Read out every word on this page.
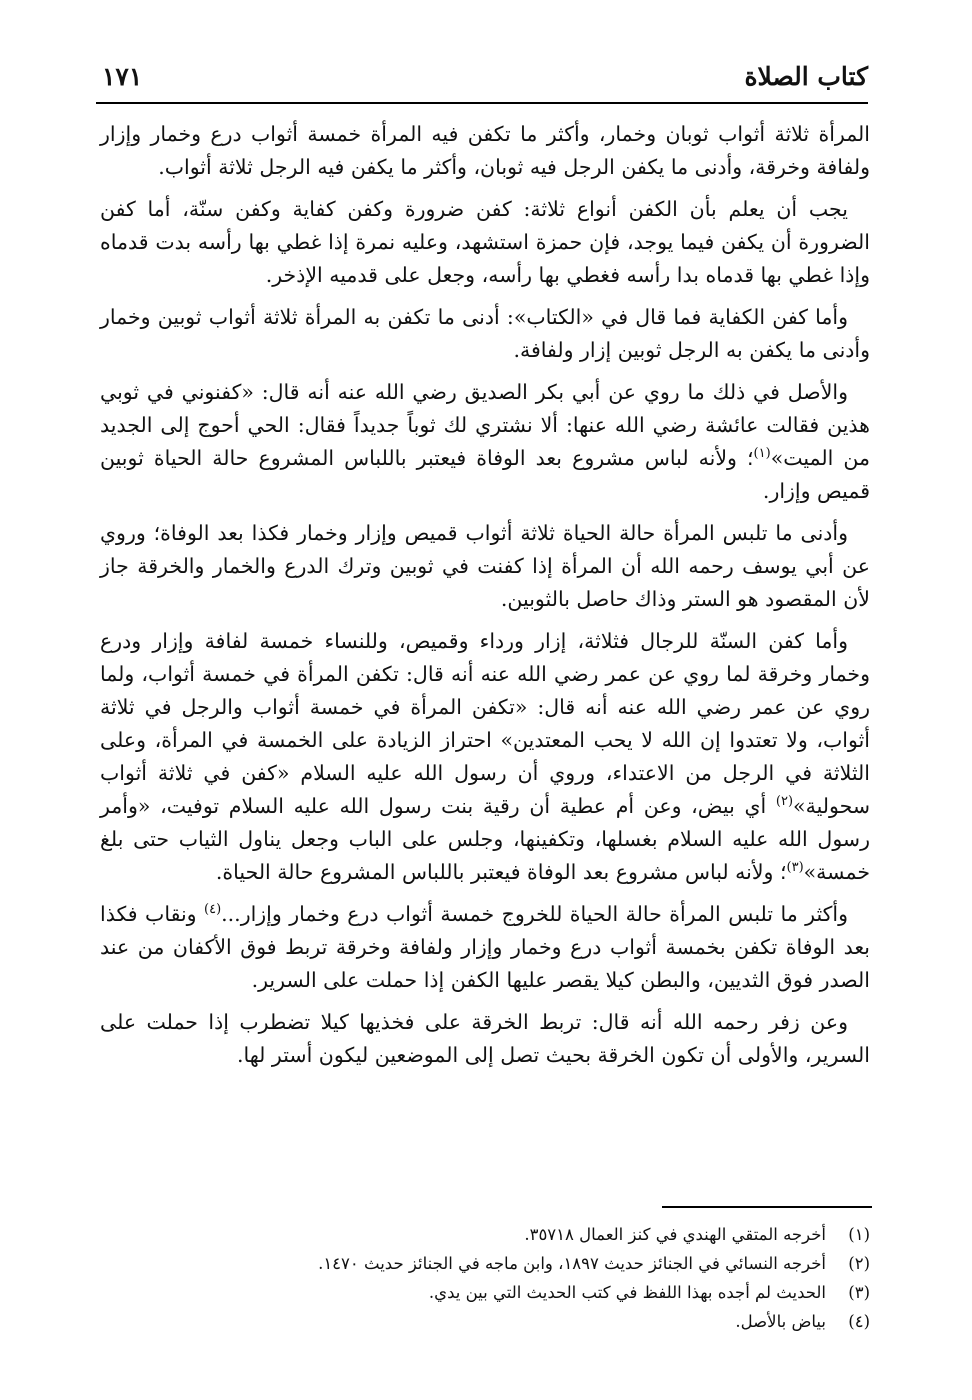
كتاب الصلاة
١٧١

المرأة ثلاثة أثواب ثوبان وخمار، وأكثر ما تكفن فيه المرأة خمسة أثواب درع وخمار وإزار ولفافة وخرقة، وأدنى ما يكفن الرجل فيه ثوبان، وأكثر ما يكفن فيه الرجل ثلاثة أثواب.

يجب أن يعلم بأن الكفن أنواع ثلاثة: كفن ضرورة وكفن كفاية وكفن سنّة، أما كفن الضرورة أن يكفن فيما يوجد، فإن حمزة استشهد، وعليه نمرة إذا غطي بها رأسه بدت قدماه وإذا غطي بها قدماه بدا رأسه فغطي بها رأسه، وجعل على قدميه الإذخر.

وأما كفن الكفاية فما قال في «الكتاب»: أدنى ما تكفن به المرأة ثلاثة أثواب ثوبين وخمار وأدنى ما يكفن به الرجل ثوبين إزار ولفافة.

والأصل في ذلك ما روي عن أبي بكر الصديق رضي الله عنه أنه قال: «كفنوني في ثوبي هذين فقالت عائشة رضي الله عنها: ألا نشتري لك ثوباً جديداً فقال: الحي أحوج إلى الجديد من الميت»$^{(١)}$؛ ولأنه لباس مشروع بعد الوفاة فيعتبر باللباس المشروع حالة الحياة ثوبين قميص وإزار.

وأدنى ما تلبس المرأة حالة الحياة ثلاثة أثواب قميص وإزار وخمار فكذا بعد الوفاة؛ وروي عن أبي يوسف رحمه الله أن المرأة إذا كفنت في ثوبين وترك الدرع والخمار والخرقة جاز لأن المقصود هو الستر وذاك حاصل بالثوبين.

وأما كفن السنّة للرجال فثلاثة، إزار ورداء وقميص، وللنساء خمسة لفافة وإزار ودرع وخمار وخرقة لما روي عن عمر رضي الله عنه أنه قال: تكفن المرأة في خمسة أثواب، ولما روي عن عمر رضي الله عنه أنه قال: «تكفن المرأة في خمسة أثواب والرجل في ثلاثة أثواب، ولا تعتدوا إن الله لا يحب المعتدين» احتراز الزيادة على الخمسة في المرأة، وعلى الثلاثة في الرجل من الاعتداء، وروي أن رسول الله عليه السلام «كفن في ثلاثة أثواب سحولية»$^{(٢)}$ أي بيض، وعن أم عطية أن رقية بنت رسول الله عليه السلام توفيت، «وأمر رسول الله عليه السلام بغسلها، وتكفينها، وجلس على الباب وجعل يناول الثياب حتى بلغ خمسة»$^{(٣)}$؛ ولأنه لباس مشروع بعد الوفاة فيعتبر باللباس المشروع حالة الحياة.

وأكثر ما تلبس المرأة حالة الحياة للخروج خمسة أثواب درع وخمار وإزار...$^{(٤)}$ ونقاب فكذا بعد الوفاة تكفن بخمسة أثواب درع وخمار وإزار ولفافة وخرقة تربط فوق الأكفان من عند الصدر فوق الثديين، والبطن كيلا يقصر عليها الكفن إذا حملت على السرير.

وعن زفر رحمه الله أنه قال: تربط الخرقة على فخذيها كيلا تضطرب إذا حملت على السرير، والأولى أن تكون الخرقة بحيث تصل إلى الموضعين ليكون أستر لها.

(١)
أخرجه المتقي الهندي في كنز العمال ٣٥٧١٨.
(٢)
أخرجه النسائي في الجنائز حديث ١٨٩٧، وابن ماجه في الجنائز حديث ١٤٧٠.
(٣)
الحديث لم أجده بهذا اللفظ في كتب الحديث التي بين يدي.
(٤)
بياض بالأصل.
